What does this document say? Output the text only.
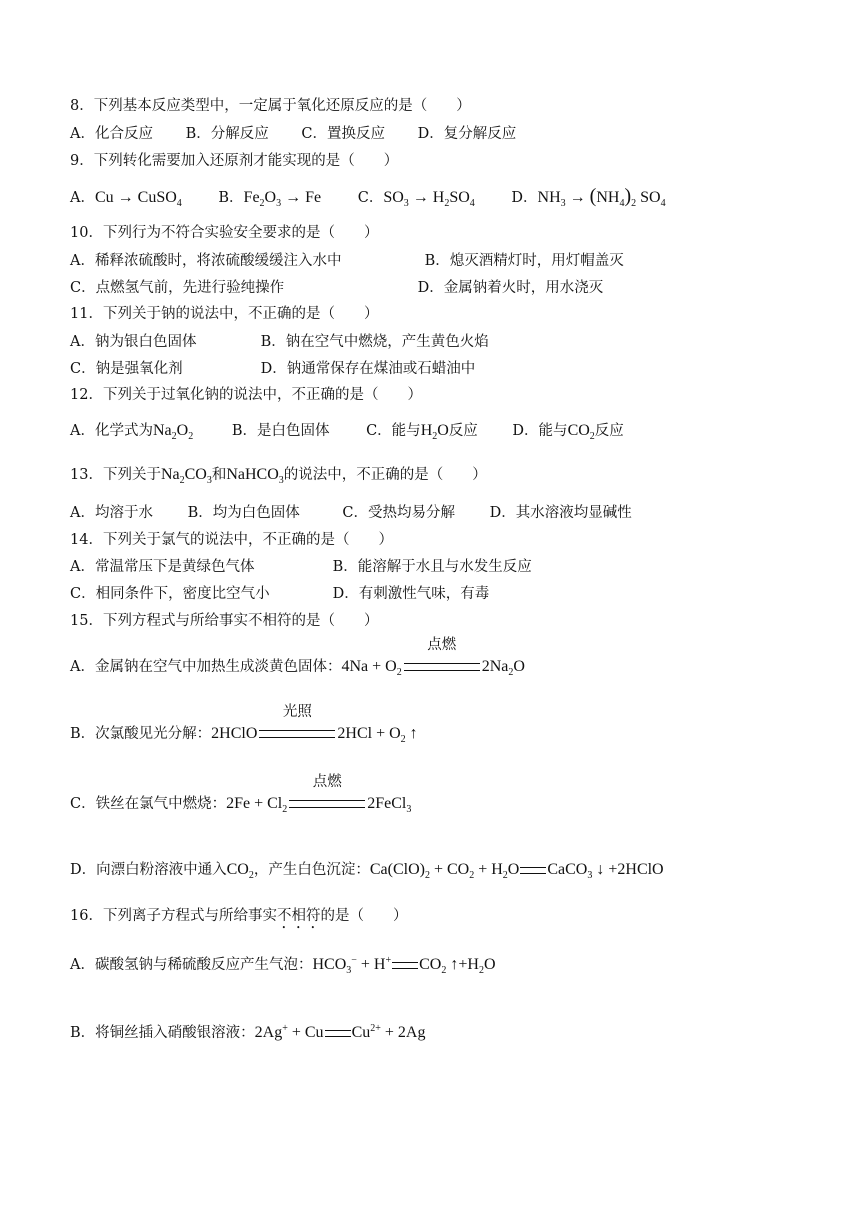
8．下列基本反应类型中，一定属于氧化还原反应的是（　　）
A．化合反应 B．分解反应 C．置换反应 D．复分解反应
9．下列转化需要加入还原剂才能实现的是（　　）
A．Cu → CuSO$_4$	B．$Fe_2O_3 \to Fe$	C．$SO_3 \to H_2SO_4$	D．$NH_3 \to (NH_4)_2$ $SO_4$
10．下列行为不符合实验安全要求的是（　　）
A．稀释浓硫酸时，将浓硫酸缓缓注入水中	B．熄灭酒精灯时，用灯帽盖灭
C．点燃氢气前，先进行验纯操作	D．金属钠着火时，用水浇灭
11．下列关于钠的说法中，不正确的是（　　）
A．钠为银白色固体	B．钠在空气中燃烧，产生黄色火焰
C．钠是强氧化剂	D．钠通常保存在煤油或石蜡油中
12．下列关于过氧化钠的说法中，不正确的是（　　）
A．化学式为$Na_2O_2$	B．是白色固体	C．能与$H_2O$反应 D．能与$CO_2$反应
13．下列关于$Na_2CO_3$和NaHCO$_3$的说法中，不正确的是（　　）
A．均溶于水 B．均为白色固体	C．受热均易分解 D．其水溶液均显碱性
14．下列关于氯气的说法中，不正确的是（　　）
A．常温常压下是黄绿色气体	B．能溶解于水且与水发生反应
C．相同条件下，密度比空气小	D．有刺激性气味，有毒
15．下列方程式与所给事实不相符的是（　　）
A．金属钠在空气中加热生成淡黄色固体：$4Na + O_2$
点燃
$2Na_2O$
B．次氯酸见光分解：2HClO
光照
$2HCl + O_2$ ↑
C．铁丝在氯气中燃烧：$2Fe + Cl_2$
点燃
2FeCl$_3$
D．向漂白粉溶液中通入$CO_2$，产生白色沉淀：$Ca(ClO)_2 + CO_2 + H_2O$ CaCO$_3$ ↓ +2HClO
16．下列离子方程式与所给事实不相符的是（　　）
A．碳酸氢钠与稀硫酸反应产生气泡：$HCO_3^- + H^+$ $CO_2$ $↑+H_2O$
B．将铜丝插入硝酸银溶液：2Ag+ + Cu $Cu^{2+} + 2Ag$
